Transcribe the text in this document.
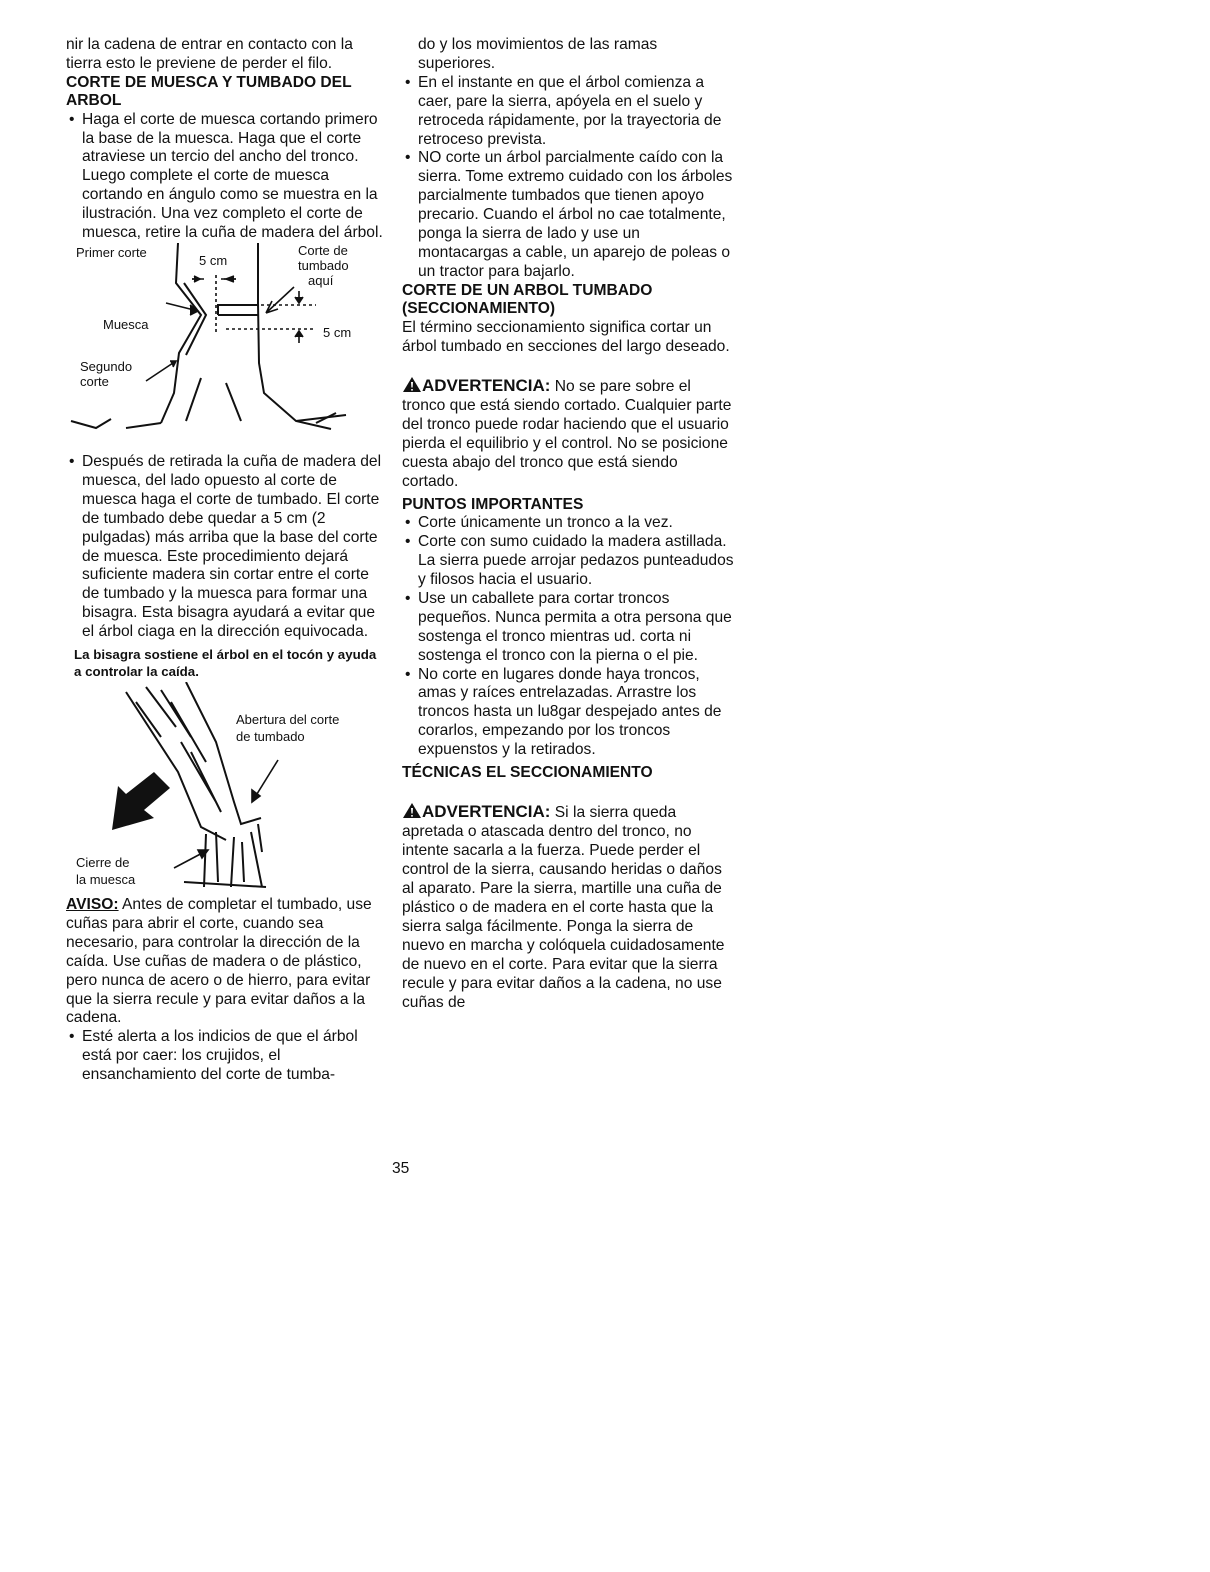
nir la cadena de entrar en contacto con la tierra esto le previene de perder el filo.

CORTE DE MUESCA Y TUMBADO DEL ARBOL

• Haga el corte de muesca cortando primero la base de la muesca. Haga que el corte atraviese un tercio del ancho del tronco. Luego complete el corte de muesca cortando en ángulo como se muestra en la ilustración. Una vez completo el corte de muesca, retire la cuña de madera del árbol.
Primer corte
5 cm
Corte de
tumbado
aquí
Muesca
5 cm
Segundo
corte
• Después de retirada la cuña de madera del muesca, del lado opuesto al corte de muesca haga el corte de tumbado. El corte de tumbado debe quedar a 5 cm (2 pulgadas) más arriba que la base del corte de muesca. Este procedimiento dejará suficiente madera sin cortar entre el corte de tumbado y la muesca para formar una bisagra. Esta bisagra ayudará a evitar que el árbol ciaga en la dirección equivocada.

La bisagra sostiene el árbol en el tocón y ayuda a controlar la caída.

Abertura del corte
de tumbado
Cierre de
la muesca

AVISO: Antes de completar el tumbado, use cuñas para abrir el corte, cuando sea necesario, para controlar la dirección de la caída. Use cuñas de madera o de plástico, pero nunca de acero o de hierro, para evitar que la sierra recule y para evitar daños a la cadena.

• Esté alerta a los indicios de que el árbol está por caer: los crujidos, el ensanchamiento del corte de tumba-

do y los movimientos de las ramas superiores.

• En el instante en que el árbol comienza a caer, pare la sierra, apóyela en el suelo y retroceda rápidamente, por la trayectoria de retroceso prevista.
• NO corte un árbol parcialmente caído con la sierra. Tome extremo cuidado con los árboles parcialmente tumbados que tienen apoyo precario. Cuando el árbol no cae totalmente, ponga la sierra de lado y use un montacargas a cable, un aparejo de poleas o un tractor para bajarlo.

CORTE DE UN ARBOL TUMBADO (SECCIONAMIENTO)

El término seccionamiento significa cortar un árbol tumbado en secciones del largo deseado.

ADVERTENCIA: No se pare sobre el tronco que está siendo cortado. Cualquier parte del tronco puede rodar haciendo que el usuario pierda el equilibrio y el control. No se posicione cuesta abajo del tronco que está siendo cortado.

PUNTOS IMPORTANTES

• Corte únicamente un tronco a la vez.
• Corte con sumo cuidado la madera astillada. La sierra puede arrojar pedazos punteadudos y filosos hacia el usuario.
• Use un caballete para cortar troncos pequeños. Nunca permita a otra persona que sostenga el tronco mientras ud. corta ni sostenga el tronco con la pierna o el pie.
• No corte en lugares donde haya troncos, amas y raíces entrelazadas. Arrastre los troncos hasta un lu8gar despejado antes de corarlos, empezando por los troncos expuenstos y la retirados.

TÉCNICAS EL SECCIONAMIENTO

ADVERTENCIA: Si la sierra queda apretada o atascada dentro del tronco, no intente sacarla a la fuerza. Puede perder el control de la sierra, causando heridas o daños al aparato. Pare la sierra, martille una cuña de plástico o de madera en el corte hasta que la sierra salga fácilmente. Ponga la sierra de nuevo en marcha y colóquela cuidadosamente de nuevo en el corte. Para evitar que la sierra recule y para evitar daños a la cadena, no use cuñas de

35
